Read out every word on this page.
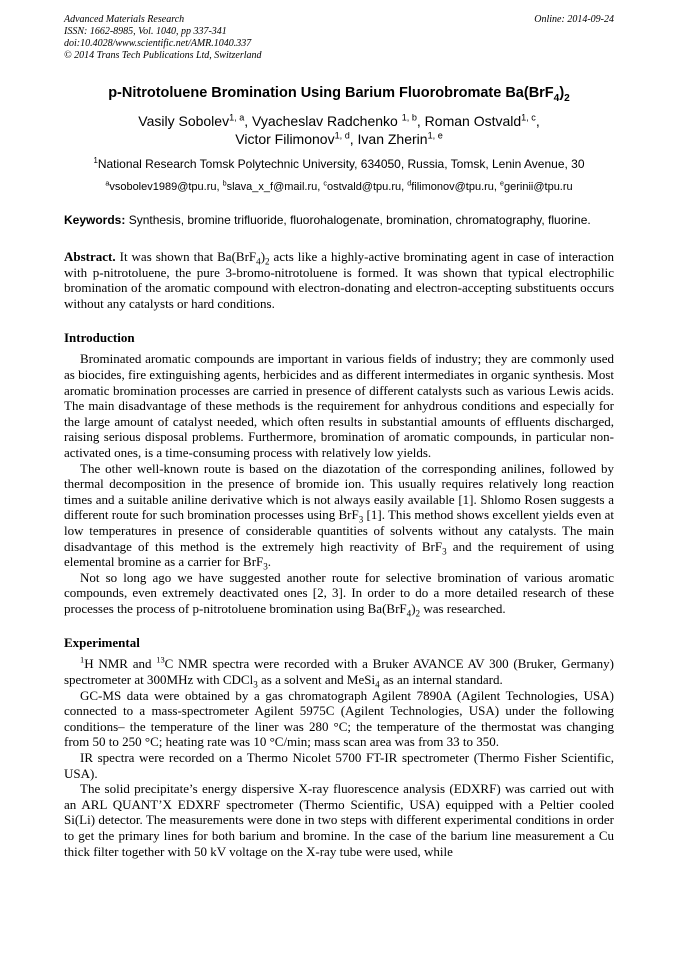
Advanced Materials Research
ISSN: 1662-8985, Vol. 1040, pp 337-341
doi:10.4028/www.scientific.net/AMR.1040.337
© 2014 Trans Tech Publications Ltd, Switzerland
Online: 2014-09-24
p-Nitrotoluene Bromination Using Barium Fluorobromate $Ba(BrF_4)_2$
Vasily Sobolev$^{1, a}$, Vyacheslav Radchenko $^{1, b}$, Roman Ostvald$^{1, c}$,
Victor Filimonov$^{1, d}$, Ivan Zherin$^{1, e}$
$^1$National Research Tomsk Polytechnic University, 634050, Russia, Tomsk, Lenin Avenue, 30
$^a$vsobolev1989@tpu.ru, $^b$slava_x_f@mail.ru, $^c$ostvald@tpu.ru, $^d$filimonov@tpu.ru, $^e$gerinii@tpu.ru
Keywords: Synthesis, bromine trifluoride, fluorohalogenate, bromination, chromatography, fluorine.
Abstract. It was shown that $Ba(BrF_4)_2$ acts like a highly-active brominating agent in case of interaction with p-nitrotoluene, the pure 3-bromo-nitrotoluene is formed. It was shown that typical electrophilic bromination of the aromatic compound with electron-donating and electron-accepting substituents occurs without any catalysts or hard conditions.
Introduction

Brominated aromatic compounds are important in various fields of industry; they are commonly used as biocides, fire extinguishing agents, herbicides and as different intermediates in organic synthesis. Most aromatic bromination processes are carried in presence of different catalysts such as various Lewis acids. The main disadvantage of these methods is the requirement for anhydrous conditions and especially for the large amount of catalyst needed, which often results in substantial amounts of effluents discharged, raising serious disposal problems. Furthermore, bromination of aromatic compounds, in particular non-activated ones, is a time-consuming process with relatively low yields.

The other well-known route is based on the diazotation of the corresponding anilines, followed by thermal decomposition in the presence of bromide ion. This usually requires relatively long reaction times and a suitable aniline derivative which is not always easily available [1]. Shlomo Rosen suggests a different route for such bromination processes using BrF$_3$ [1]. This method shows excellent yields even at low temperatures in presence of considerable quantities of solvents without any catalysts. The main disadvantage of this method is the extremely high reactivity of BrF$_3$ and the requirement of using elemental bromine as a carrier for BrF$_3$.

Not so long ago we have suggested another route for selective bromination of various aromatic compounds, even extremely deactivated ones [2, 3]. In order to do a more detailed research of these processes the process of p-nitrotoluene bromination using $Ba(BrF_4)_2$ was researched.

Experimental

$^1$H NMR and $^{13}$C NMR spectra were recorded with a Bruker AVANCE AV 300 (Bruker, Germany) spectrometer at 300MHz with CDCl$_3$ as a solvent and MeSi$_4$ as an internal standard.

GC-MS data were obtained by a gas chromatograph Agilent 7890A (Agilent Technologies, USA) connected to a mass-spectrometer Agilent 5975C (Agilent Technologies, USA) under the following conditions– the temperature of the liner was 280 °C; the temperature of the thermostat was changing from 50 to 250 °C; heating rate was 10 °C/min; mass scan area was from 33 to 350.

IR spectra were recorded on a Thermo Nicolet 5700 FT-IR spectrometer (Thermo Fisher Scientific, USA).

The solid precipitate’s energy dispersive X-ray fluorescence analysis (EDXRF) was carried out with an ARL QUANT’X EDXRF spectrometer (Thermo Scientific, USA) equipped with a Peltier cooled Si(Li) detector. The measurements were done in two steps with different experimental conditions in order to get the primary lines for both barium and bromine. In the case of the barium line measurement a Cu thick filter together with 50 kV voltage on the X-ray tube were used, while
